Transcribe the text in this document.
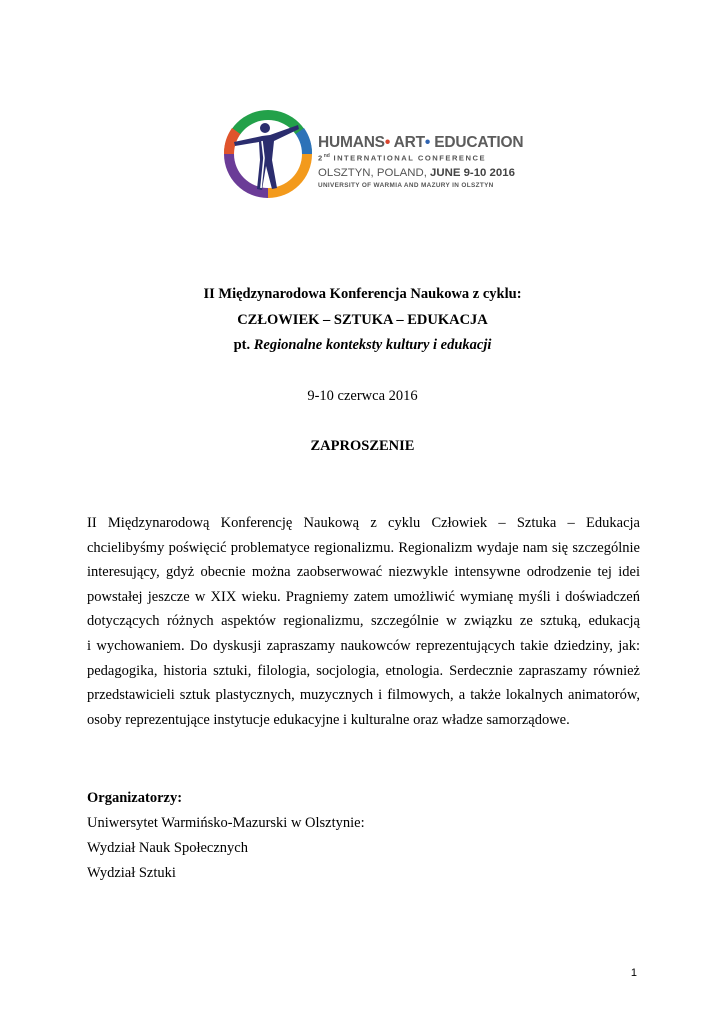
HUMANS• ART• EDUCATION
2nd INTERNATIONAL CONFERENCE
OLSZTYN, POLAND, JUNE 9-10 2016
UNIVERSITY OF WARMIA AND MAZURY IN OLSZTYN
II Międzynarodowa Konferencja Naukowa z cyklu:
CZŁOWIEK – SZTUKA – EDUKACJA
pt. Regionalne konteksty kultury i edukacji
9-10 czerwca 2016
ZAPROSZENIE
II Międzynarodową Konferencję Naukową z cyklu Człowiek – Sztuka – Edukacja
chcielibyśmy poświęcić problematyce regionalizmu. Regionalizm wydaje nam się szczególnie
interesujący, gdyż obecnie można zaobserwować niezwykle intensywne odrodzenie tej idei
powstałej jeszcze w XIX wieku. Pragniemy zatem umożliwić wymianę myśli i doświadczeń
dotyczących różnych aspektów regionalizmu, szczególnie w związku ze sztuką, edukacją
i wychowaniem. Do dyskusji zapraszamy naukowców reprezentujących takie dziedziny, jak:
pedagogika, historia sztuki, filologia, socjologia, etnologia. Serdecznie zapraszamy również
przedstawicieli sztuk plastycznych, muzycznych i filmowych, a także lokalnych animatorów,
osoby reprezentujące instytucje edukacyjne i kulturalne oraz władze samorządowe.
Organizatorzy:
Uniwersytet Warmińsko-Mazurski w Olsztynie:
Wydział Nauk Społecznych
Wydział Sztuki
1
